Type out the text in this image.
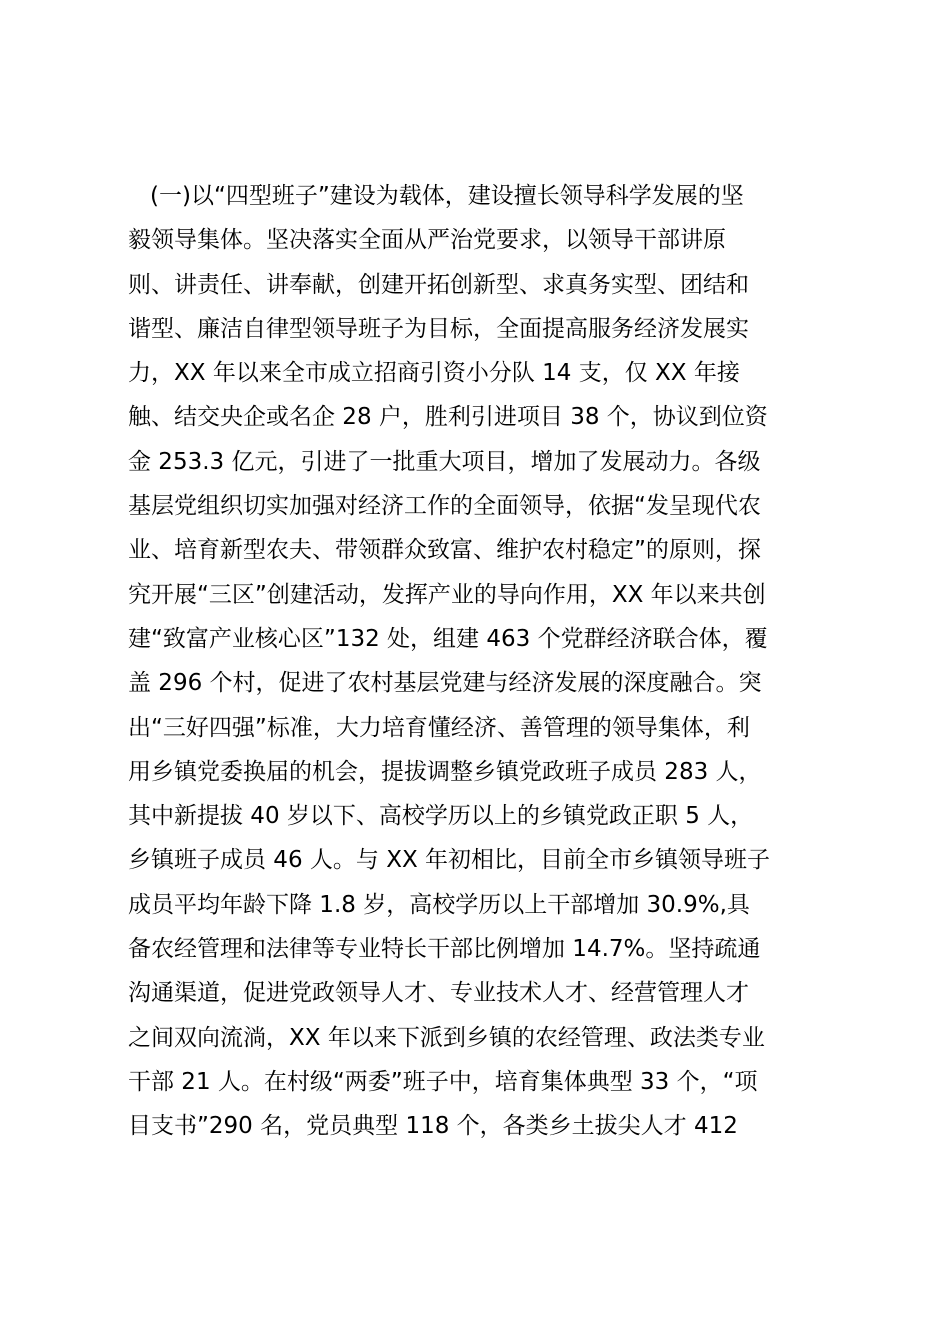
(一)以“四型班子”建设为载体，建设擅长领导科学发展的坚
毅领导集体。坚决落实全面从严治党要求，以领导干部讲原
则、讲责任、讲奉献，创建开拓创新型、求真务实型、团结和
谐型、廉洁自律型领导班子为目标，全面提高服务经济发展实
力，XX 年以来全市成立招商引资小分队 14 支，仅 XX 年接
触、结交央企或名企 28 户，胜利引进项目 38 个，协议到位资
金 253.3 亿元，引进了一批重大项目，增加了发展动力。各级
基层党组织切实加强对经济工作的全面领导，依据“发呈现代农
业、培育新型农夫、带领群众致富、维护农村稳定”的原则，探
究开展“三区”创建活动，发挥产业的导向作用，XX 年以来共创
建“致富产业核心区”132 处，组建 463 个党群经济联合体，覆
盖 296 个村，促进了农村基层党建与经济发展的深度融合。突
出“三好四强”标准，大力培育懂经济、善管理的领导集体，利
用乡镇党委换届的机会，提拔调整乡镇党政班子成员 283 人，
其中新提拔 40 岁以下、高校学历以上的乡镇党政正职 5 人，
乡镇班子成员 46 人。与 XX 年初相比，目前全市乡镇领导班子
成员平均年龄下降 1.8 岁，高校学历以上干部增加 30.9%,具
备农经管理和法律等专业特长干部比例增加 14.7%。坚持疏通
沟通渠道，促进党政领导人才、专业技术人才、经营管理人才
之间双向流淌，XX 年以来下派到乡镇的农经管理、政法类专业
干部 21 人。在村级“两委”班子中，培育集体典型 33 个，“项
目支书”290 名，党员典型 118 个，各类乡土拔尖人才 412
